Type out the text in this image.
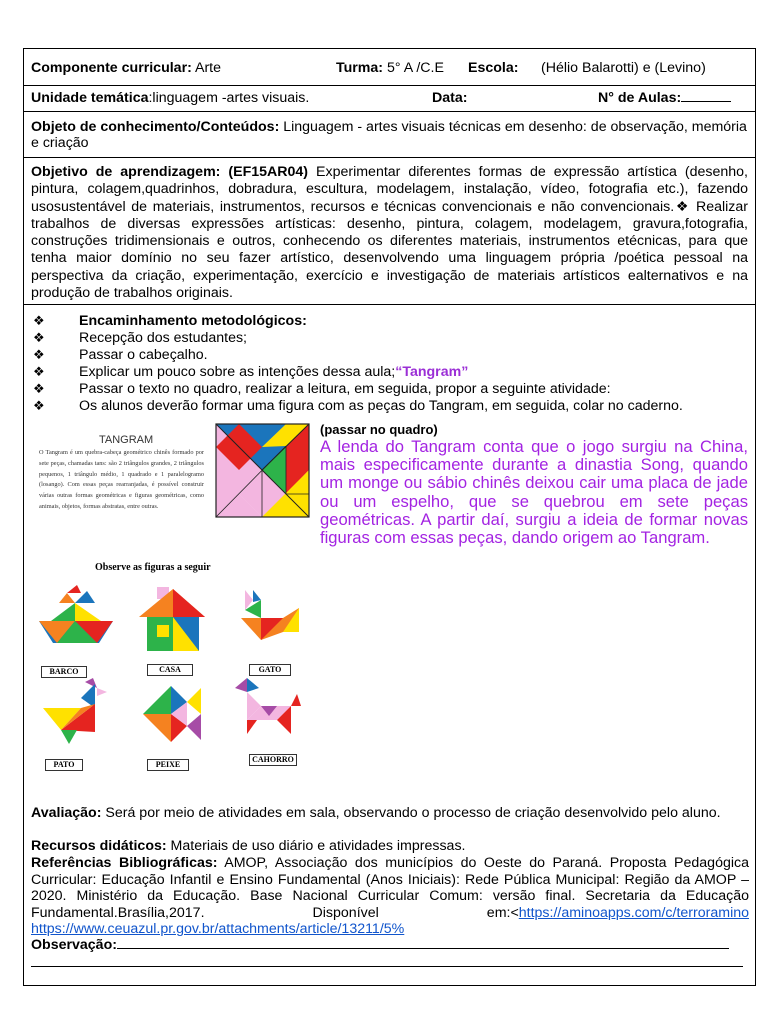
Componente curricular: Arte	Turma: 5° A /C.E Escola: (Hélio Balarotti) e (Levino)
Unidade temática:linguagem -artes visuais.	Data:	N° de Aulas:
Objeto de conhecimento/Conteúdos: Linguagem - artes visuais técnicas em desenho: de observação, memória e criação
Objetivo de aprendizagem: (EF15AR04) Experimentar diferentes formas de expressão artística (desenho, pintura, colagem,quadrinhos, dobradura, escultura, modelagem, instalação, vídeo, fotografia etc.), fazendo usosustentável de materiais, instrumentos, recursos e técnicas convencionais e não convencionais.❖ Realizar trabalhos de diversas expressões artísticas: desenho, pintura, colagem, modelagem, gravura,fotografia, construções tridimensionais e outros, conhecendo os diferentes materiais, instrumentos etécnicas, para que tenha maior domínio no seu fazer artístico, desenvolvendo uma linguagem própria /poética pessoal na perspectiva da criação, experimentação, exercício e investigação de materiais artísticos ealternativos e na produção de trabalhos originais.
❖	Encaminhamento metodológicos:
❖	Recepção dos estudantes;
❖	Passar o cabeçalho.
❖	Explicar um pouco sobre as intenções dessa aula; “Tangram”
❖	Passar o texto no quadro, realizar a leitura, em seguida, propor a seguinte atividade:
❖	Os alunos deverão formar uma figura com as peças do Tangram, em seguida, colar no caderno.
TANGRAM
O Tangram é um quebra-cabeça geométrico chinês formado por sete peças, chamadas tans: são 2 triângulos grandes, 2 triângulos pequenos, 1 triângulo médio, 1 quadrado e 1 paralelogramo (losango). Com essas peças rearranjadas, é possível construir várias outras formas geométricas e figuras geométricas, como animais, objetos, formas abstratas, entre outras.
Observe as figuras a seguir
BARCO	CASA	GATO
PATO	PEIXE
CAHORRO
(passar no quadro)
A lenda do Tangram conta que o jogo surgiu na China, mais especificamente durante a dinastia Song, quando um monge ou sábio chinês deixou cair uma placa de jade ou um espelho, que se quebrou em sete peças geométricas. A partir daí, surgiu a ideia de formar novas figuras com essas peças, dando origem ao Tangram.
Avaliação: Será por meio de atividades em sala, observando o processo de criação desenvolvido pelo aluno.
Recursos didáticos: Materiais de uso diário e atividades impressas.
Referências Bibliográficas: AMOP, Associação dos municípios do Oeste do Paraná. Proposta Pedagógica Curricular: Educação Infantil e Ensino Fundamental (Anos Iniciais): Rede Pública Municipal: Região da AMOP – 2020. Ministério da Educação. Base Nacional Curricular Comum: versão final. Secretaria da Educação Fundamental.Brasília,2017. Disponível em:<https://aminoapps.com/c/terroramino https://www.ceuazul.pr.gov.br/attachments/article/13211/5%
Observação:
